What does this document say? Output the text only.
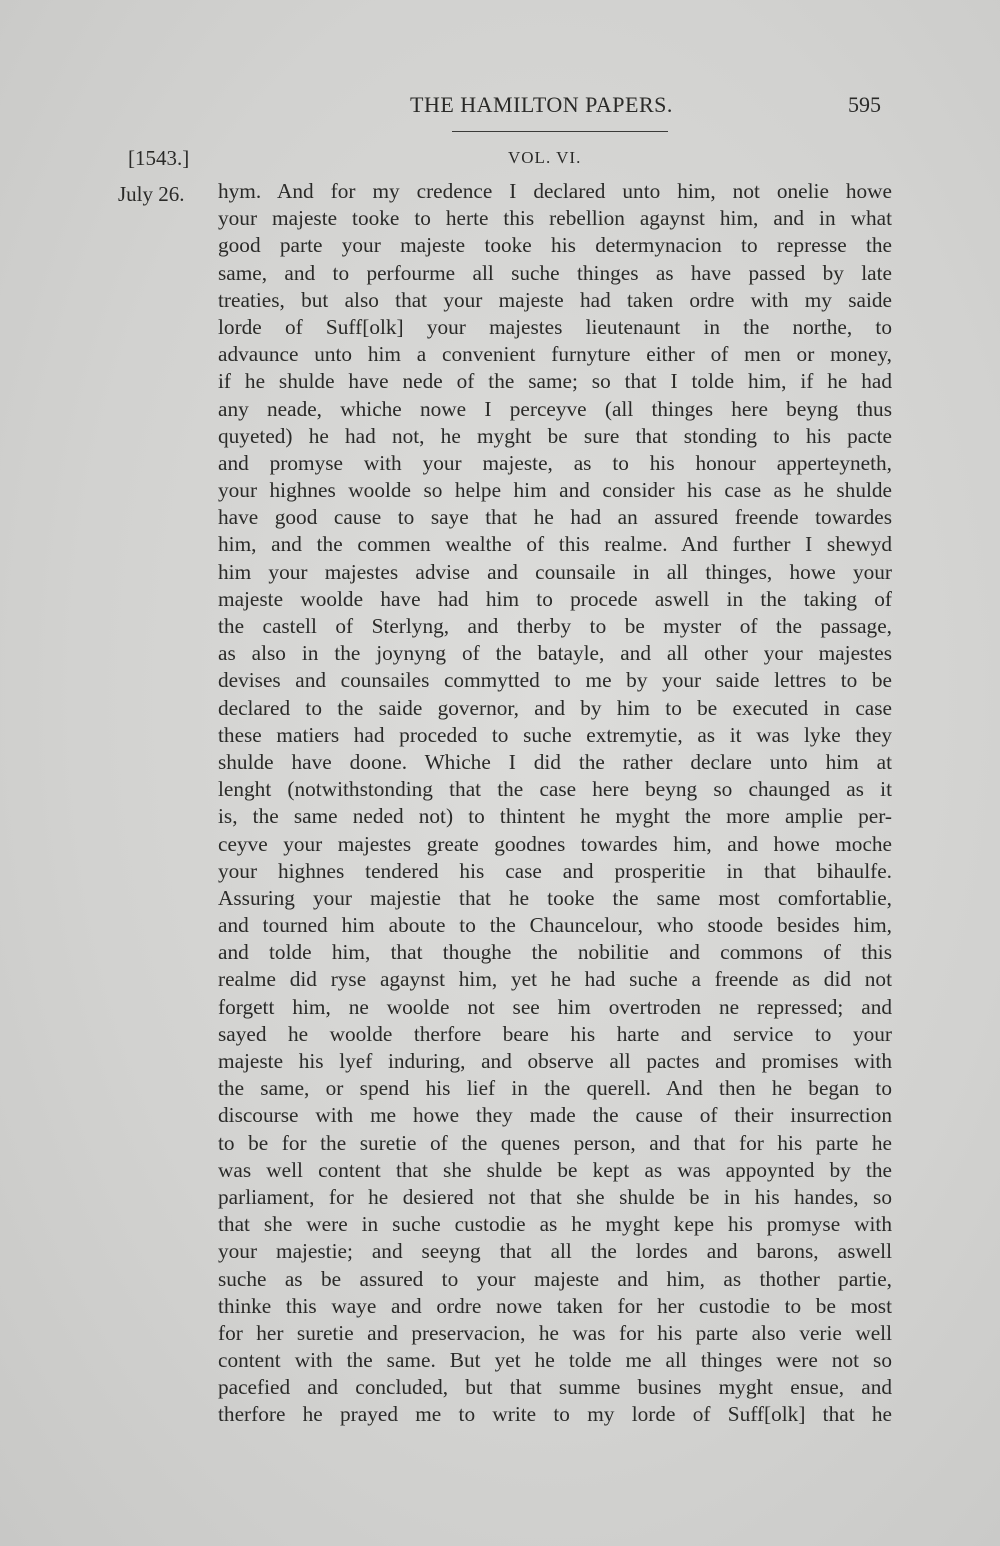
THE HAMILTON PAPERS.	595
[1543.]	VOL. VI.
July 26. hym. And for my credence I declared unto him, not onelie howe
your majeste tooke to herte this rebellion agaynst him, and in what
good parte your majeste tooke his determynacion to represse the
same, and to perfourme all suche thinges as have passed by late
treaties, but also that your majeste had taken ordre with my saide
lorde of Suff[olk] your majestes lieutenaunt in the northe, to
advaunce unto him a convenient furnyture either of men or money,
if he shulde have nede of the same; so that I tolde him, if he had
any neade, whiche nowe I perceyve (all thinges here beyng thus
quyeted) he had not, he myght be sure that stonding to his pacte
and promyse with your majeste, as to his honour apperteyneth,
your highnes woolde so helpe him and consider his case as he shulde
have good cause to saye that he had an assured freende towardes
him, and the commen wealthe of this realme. And further I shewyd
him your majestes advise and counsaile in all thinges, howe your
majeste woolde have had him to procede aswell in the taking of
the castell of Sterlyng, and therby to be myster of the passage,
as also in the joynyng of the batayle, and all other your majestes
devises and counsailes commytted to me by your saide lettres to be
declared to the saide governor, and by him to be executed in case
these matiers had proceded to suche extremytie, as it was lyke they
shulde have doone. Whiche I did the rather declare unto him at
lenght (notwithstonding that the case here beyng so chaunged as it
is, the same neded not) to thintent he myght the more amplie per-
ceyve your majestes greate goodnes towardes him, and howe moche
your highnes tendered his case and prosperitie in that bihaulfe.
Assuring your majestie that he tooke the same most comfortablie,
and tourned him aboute to the Chauncelour, who stoode besides him,
and tolde him, that thoughe the nobilitie and commons of this
realme did ryse agaynst him, yet he had suche a freende as did not
forgett him, ne woolde not see him overtroden ne repressed; and
sayed he woolde therfore beare his harte and service to your
majeste his lyef induring, and observe all pactes and promises with
the same, or spend his lief in the querell. And then he began to
discourse with me howe they made the cause of their insurrection
to be for the suretie of the quenes person, and that for his parte he
was well content that she shulde be kept as was appoynted by the
parliament, for he desiered not that she shulde be in his handes, so
that she were in suche custodie as he myght kepe his promyse with
your majestie; and seeyng that all the lordes and barons, aswell
suche as be assured to your majeste and him, as thother partie,
thinke this waye and ordre nowe taken for her custodie to be most
for her suretie and preservacion, he was for his parte also verie well
content with the same. But yet he tolde me all thinges were not so
pacefied and concluded, but that summe busines myght ensue, and
therfore he prayed me to write to my lorde of Suff[olk] that he
